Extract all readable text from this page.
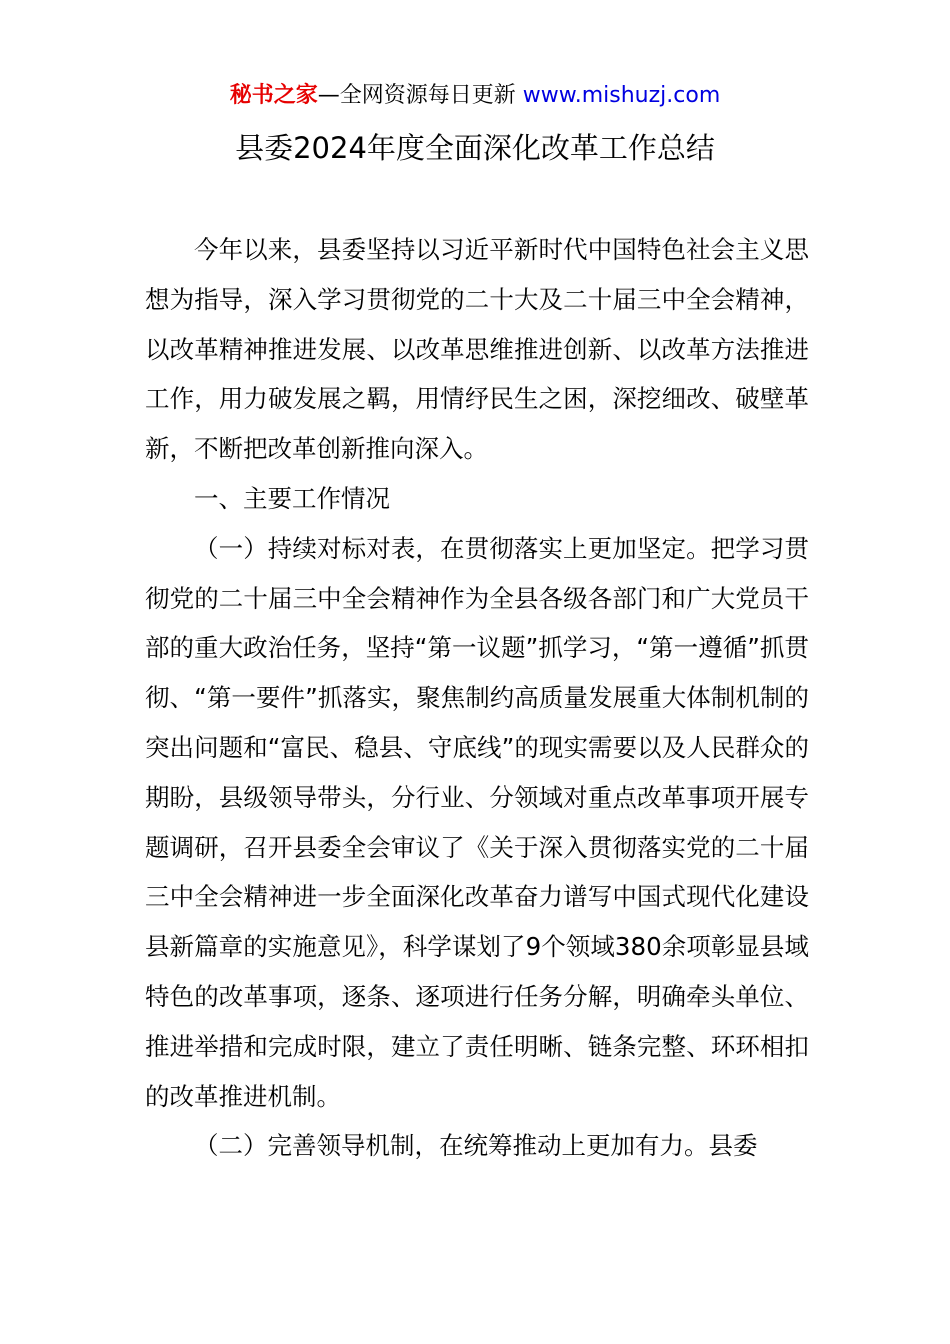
秘书之家—全网资源每日更新 www.mishuzj.com
县委2024年度全面深化改革工作总结

今年以来，县委坚持以习近平新时代中国特色社会主义思想为指导，深入学习贯彻党的二十大及二十届三中全会精神，以改革精神推进发展、以改革思维推进创新、以改革方法推进工作，用力破发展之羁，用情纾民生之困，深挖细改、破壁革新，不断把改革创新推向深入。

一、主要工作情况

（一）持续对标对表，在贯彻落实上更加坚定。把学习贯彻党的二十届三中全会精神作为全县各级各部门和广大党员干部的重大政治任务，坚持“第一议题”抓学习，“第一遵循”抓贯彻、“第一要件”抓落实，聚焦制约高质量发展重大体制机制的突出问题和“富民、稳县、守底线”的现实需要以及人民群众的期盼，县级领导带头，分行业、分领域对重点改革事项开展专题调研，召开县委全会审议了《关于深入贯彻落实党的二十届三中全会精神进一步全面深化改革奋力谱写中国式现代化建设县新篇章的实施意见》，科学谋划了9个领域380余项彰显县域特色的改革事项，逐条、逐项进行任务分解，明确牵头单位、推进举措和完成时限，建立了责任明晰、链条完整、环环相扣的改革推进机制。

（二）完善领导机制，在统筹推动上更加有力。县委
